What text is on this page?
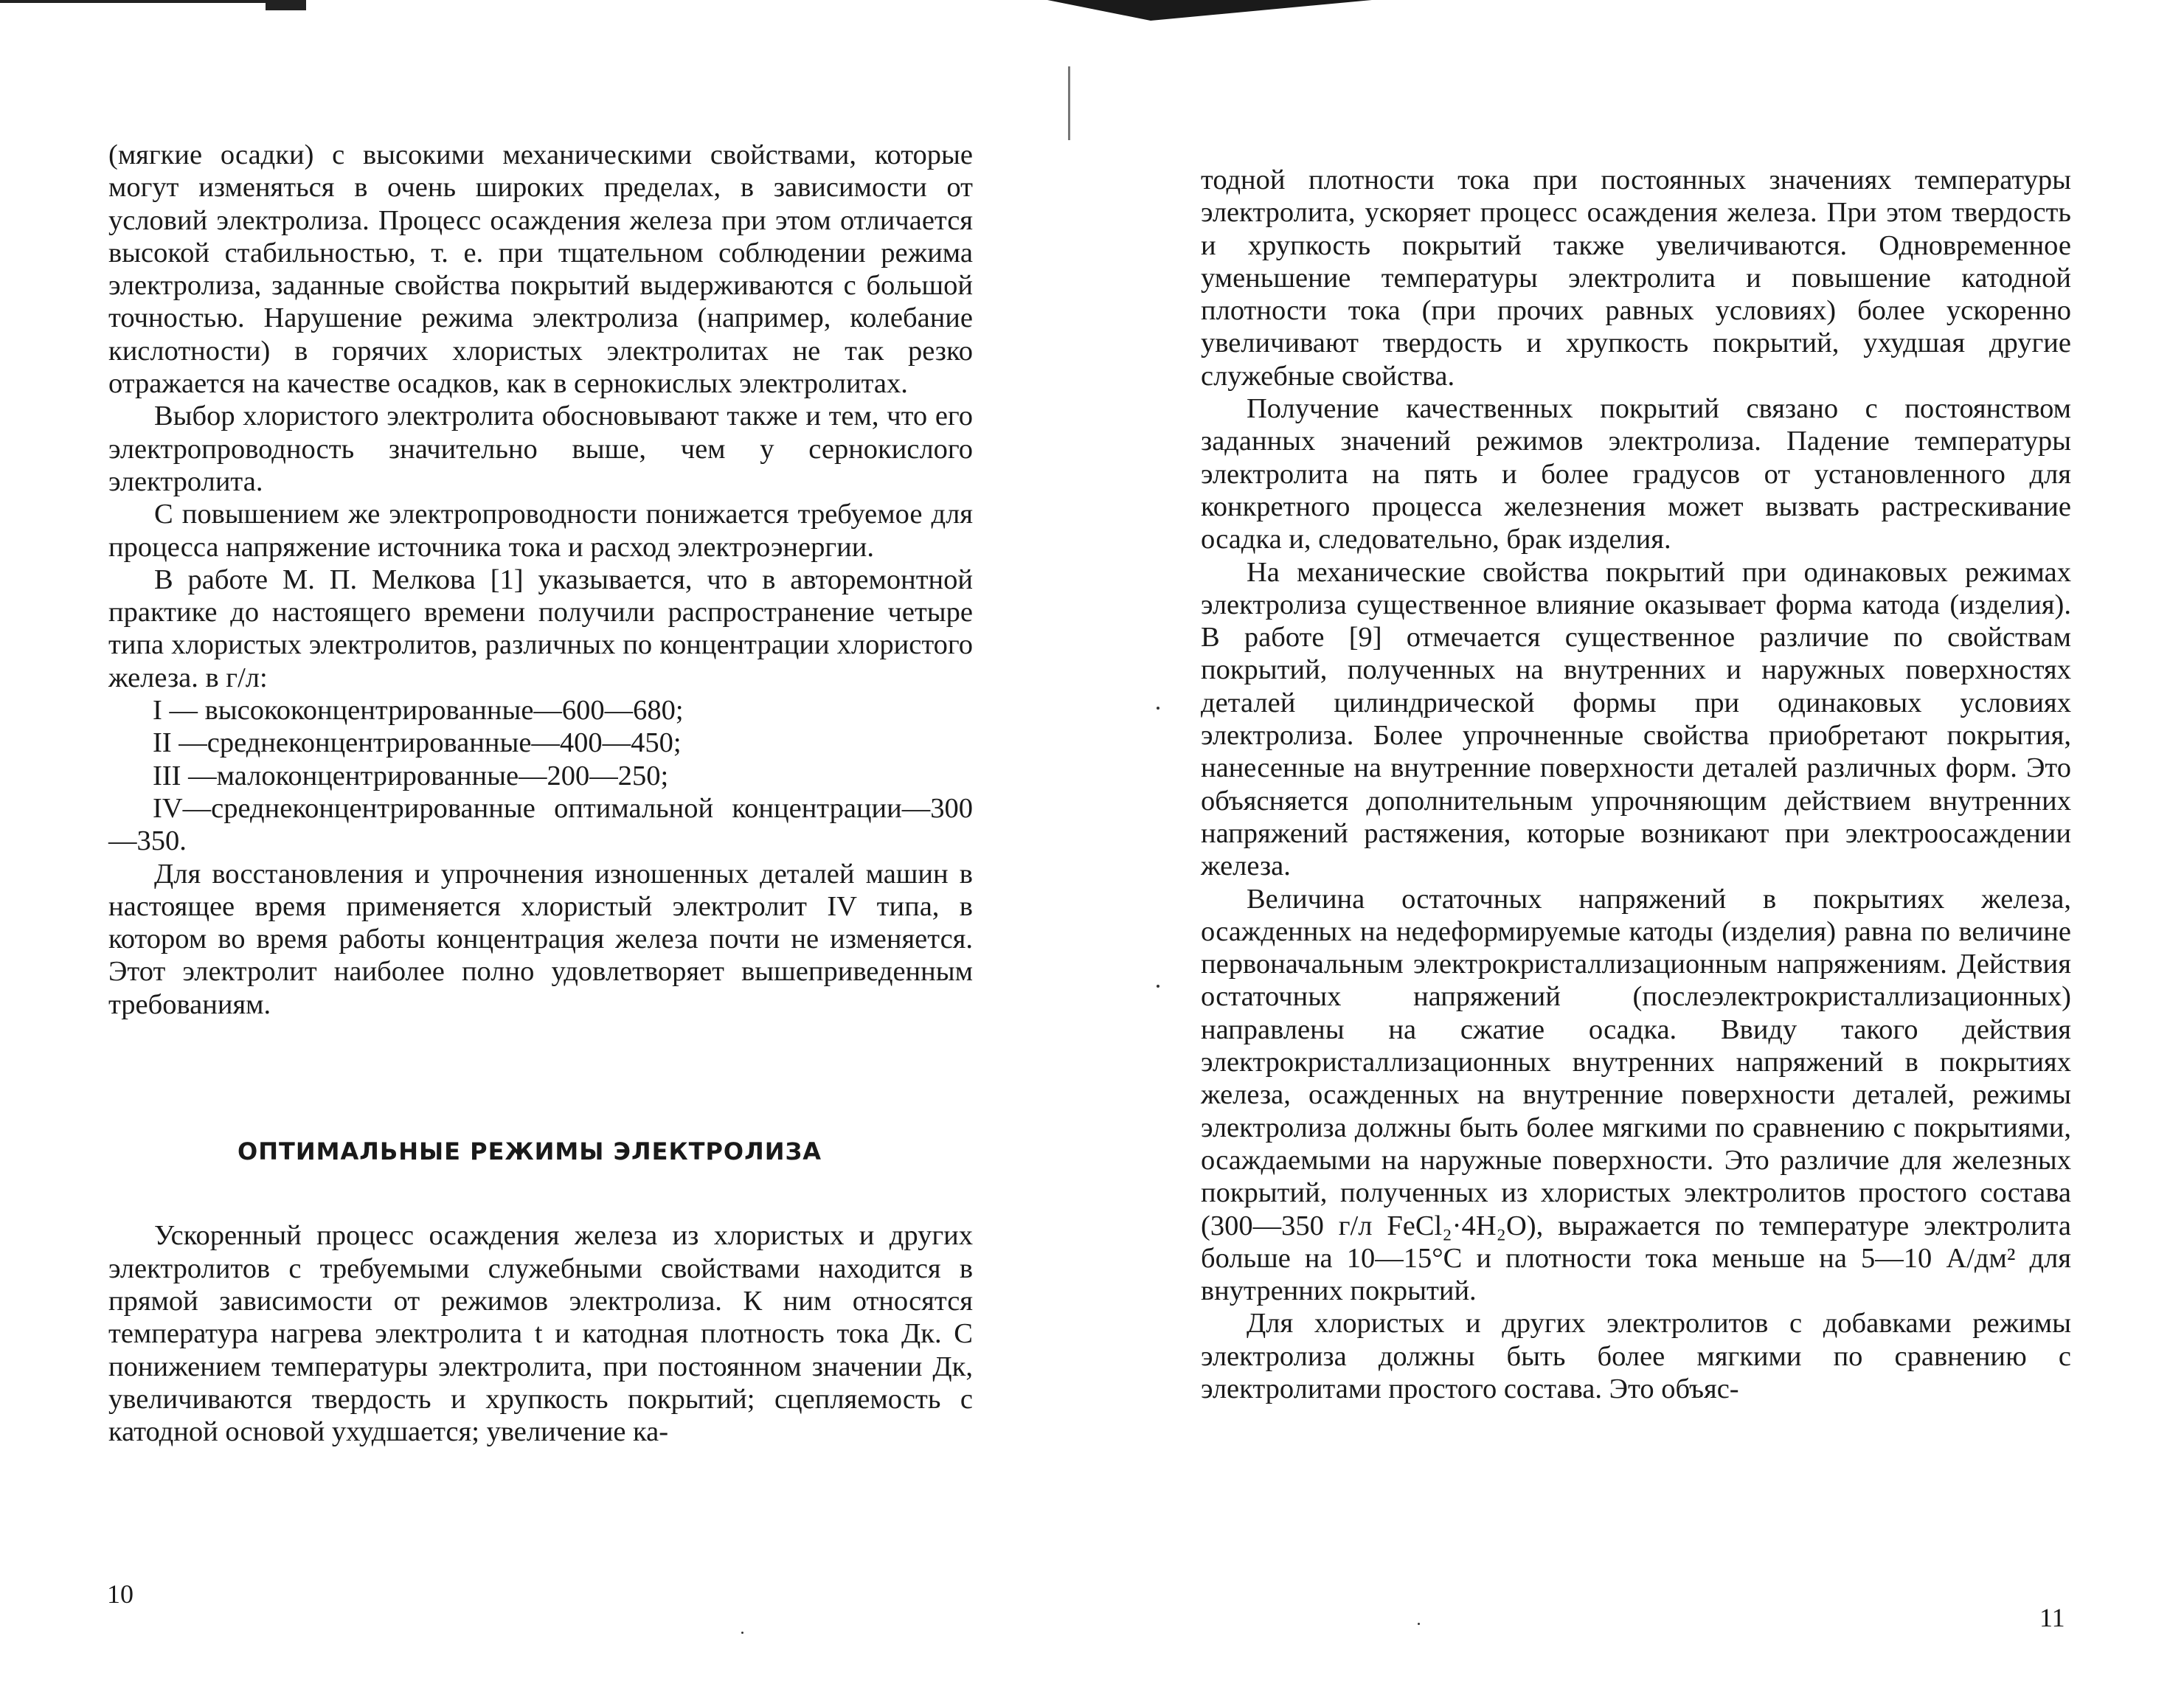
(мягкие осадки) с высокими механическими свойствами, которые могут изменяться в очень широких пределах, в зависимости от условий электролиза. Процесс осаждения железа при этом отличается высокой стабильностью, т. е. при тщательном соблюдении режима электролиза, заданные свойства покрытий выдерживаются с большой точностью. Нарушение режима электролиза (например, колебание кислотности) в горячих хлористых электролитах не так резко отражается на качестве осадков, как в сернокислых электролитах.

Выбор хлористого электролита обосновывают также и тем, что его электропроводность значительно выше, чем у сернокислого электролита.

С повышением же электропроводности понижается требуемое для процесса напряжение источника тока и расход электроэнергии.

В работе М. П. Мелкова [1] указывается, что в авторемонтной практике до настоящего времени получили распространение четыре типа хлористых электролитов, различных по концентрации хлористого железа. в г/л:

I — высококонцентрированные—600—680;

II —среднеконцентрированные—400—450;

III —малоконцентрированные—200—250;

IV—среднеконцентрированные оптимальной концентрации—300—350.

Для восстановления и упрочнения изношенных деталей машин в настоящее время применяется хлористый электролит IV типа, в котором во время работы концентрация железа почти не изменяется. Этот электролит наиболее полно удовлетворяет вышеприведенным требованиям.

ОПТИМАЛЬНЫЕ РЕЖИМЫ ЭЛЕКТРОЛИЗА

Ускоренный процесс осаждения железа из хлористых и других электролитов с требуемыми служебными свойствами находится в прямой зависимости от режимов электролиза. К ним относятся температура нагрева электролита t и катодная плотность тока Дк. С понижением температуры электролита, при постоянном значении Дк, увеличиваются твердость и хрупкость покрытий; сцепляемость с катодной основой ухудшается; увеличение ка-

10

тодной плотности тока при постоянных значениях температуры электролита, ускоряет процесс осаждения железа. При этом твердость и хрупкость покрытий также увеличиваются. Одновременное уменьшение температуры электролита и повышение катодной плотности тока (при прочих равных условиях) более ускоренно увеличивают твердость и хрупкость покрытий, ухудшая другие служебные свойства.

Получение качественных покрытий связано с постоянством заданных значений режимов электролиза. Падение температуры электролита на пять и более градусов от установленного для конкретного процесса железнения может вызвать растрескивание осадка и, следовательно, брак изделия.

На механические свойства покрытий при одинаковых режимах электролиза существенное влияние оказывает форма катода (изделия). В работе [9] отмечается существенное различие по свойствам покрытий, полученных на внутренних и наружных поверхностях деталей цилиндрической формы при одинаковых условиях электролиза. Более упрочненные свойства приобретают покрытия, нанесенные на внутренние поверхности деталей различных форм. Это объясняется дополнительным упрочняющим действием внутренних напряжений растяжения, которые возникают при электроосаждении железа.

Величина остаточных напряжений в покрытиях железа, осажденных на недеформируемые катоды (изделия) равна по величине первоначальным электрокристаллизационным напряжениям. Действия остаточных напряжений (послеэлектрокристаллизационных) направлены на сжатие осадка. Ввиду такого действия электрокристаллизационных внутренних напряжений в покрытиях железа, осажденных на внутренние поверхности деталей, режимы электролиза должны быть более мягкими по сравнению с покрытиями, осаждаемыми на наружные поверхности. Это различие для железных покрытий, полученных из хлористых электролитов простого состава (300—350 г/л FeCl₂·4H₂O), выражается по температуре электролита больше на 10—15°С и плотности тока меньше на 5—10 А/дм² для внутренних покрытий.

Для хлористых и других электролитов с добавками режимы электролиза должны быть более мягкими по сравнению с электролитами простого состава. Это объяс-

11
